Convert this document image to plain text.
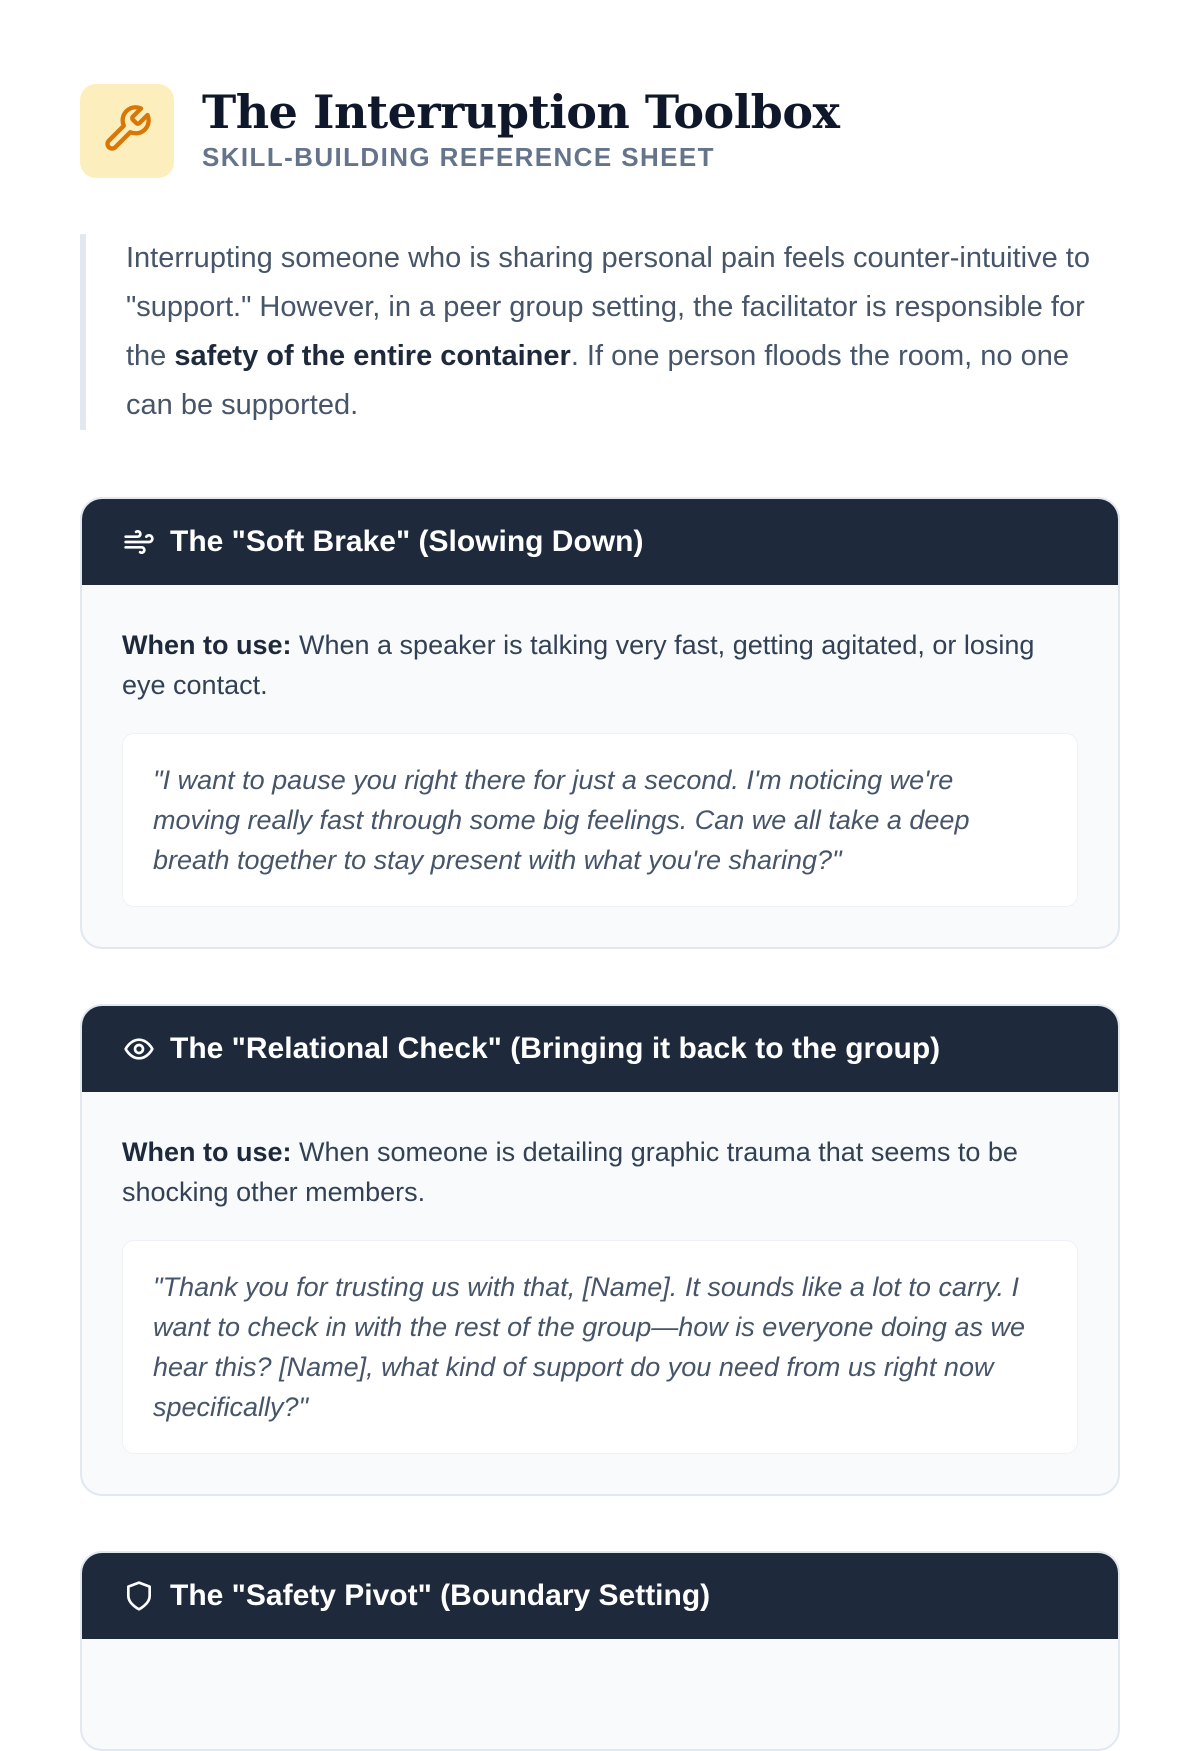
The Interruption Toolbox
SKILL-BUILDING REFERENCE SHEET
Interrupting someone who is sharing personal pain feels counter-intuitive to "support." However, in a peer group setting, the facilitator is responsible for the safety of the entire container. If one person floods the room, no one can be supported.
The "Soft Brake" (Slowing Down)
When to use: When a speaker is talking very fast, getting agitated, or losing eye contact.
"I want to pause you right there for just a second. I'm noticing we're moving really fast through some big feelings. Can we all take a deep breath together to stay present with what you're sharing?"
The "Relational Check" (Bringing it back to the group)
When to use: When someone is detailing graphic trauma that seems to be shocking other members.
"Thank you for trusting us with that, [Name]. It sounds like a lot to carry. I want to check in with the rest of the group—how is everyone doing as we hear this? [Name], what kind of support do you need from us right now specifically?"
The "Safety Pivot" (Boundary Setting)
